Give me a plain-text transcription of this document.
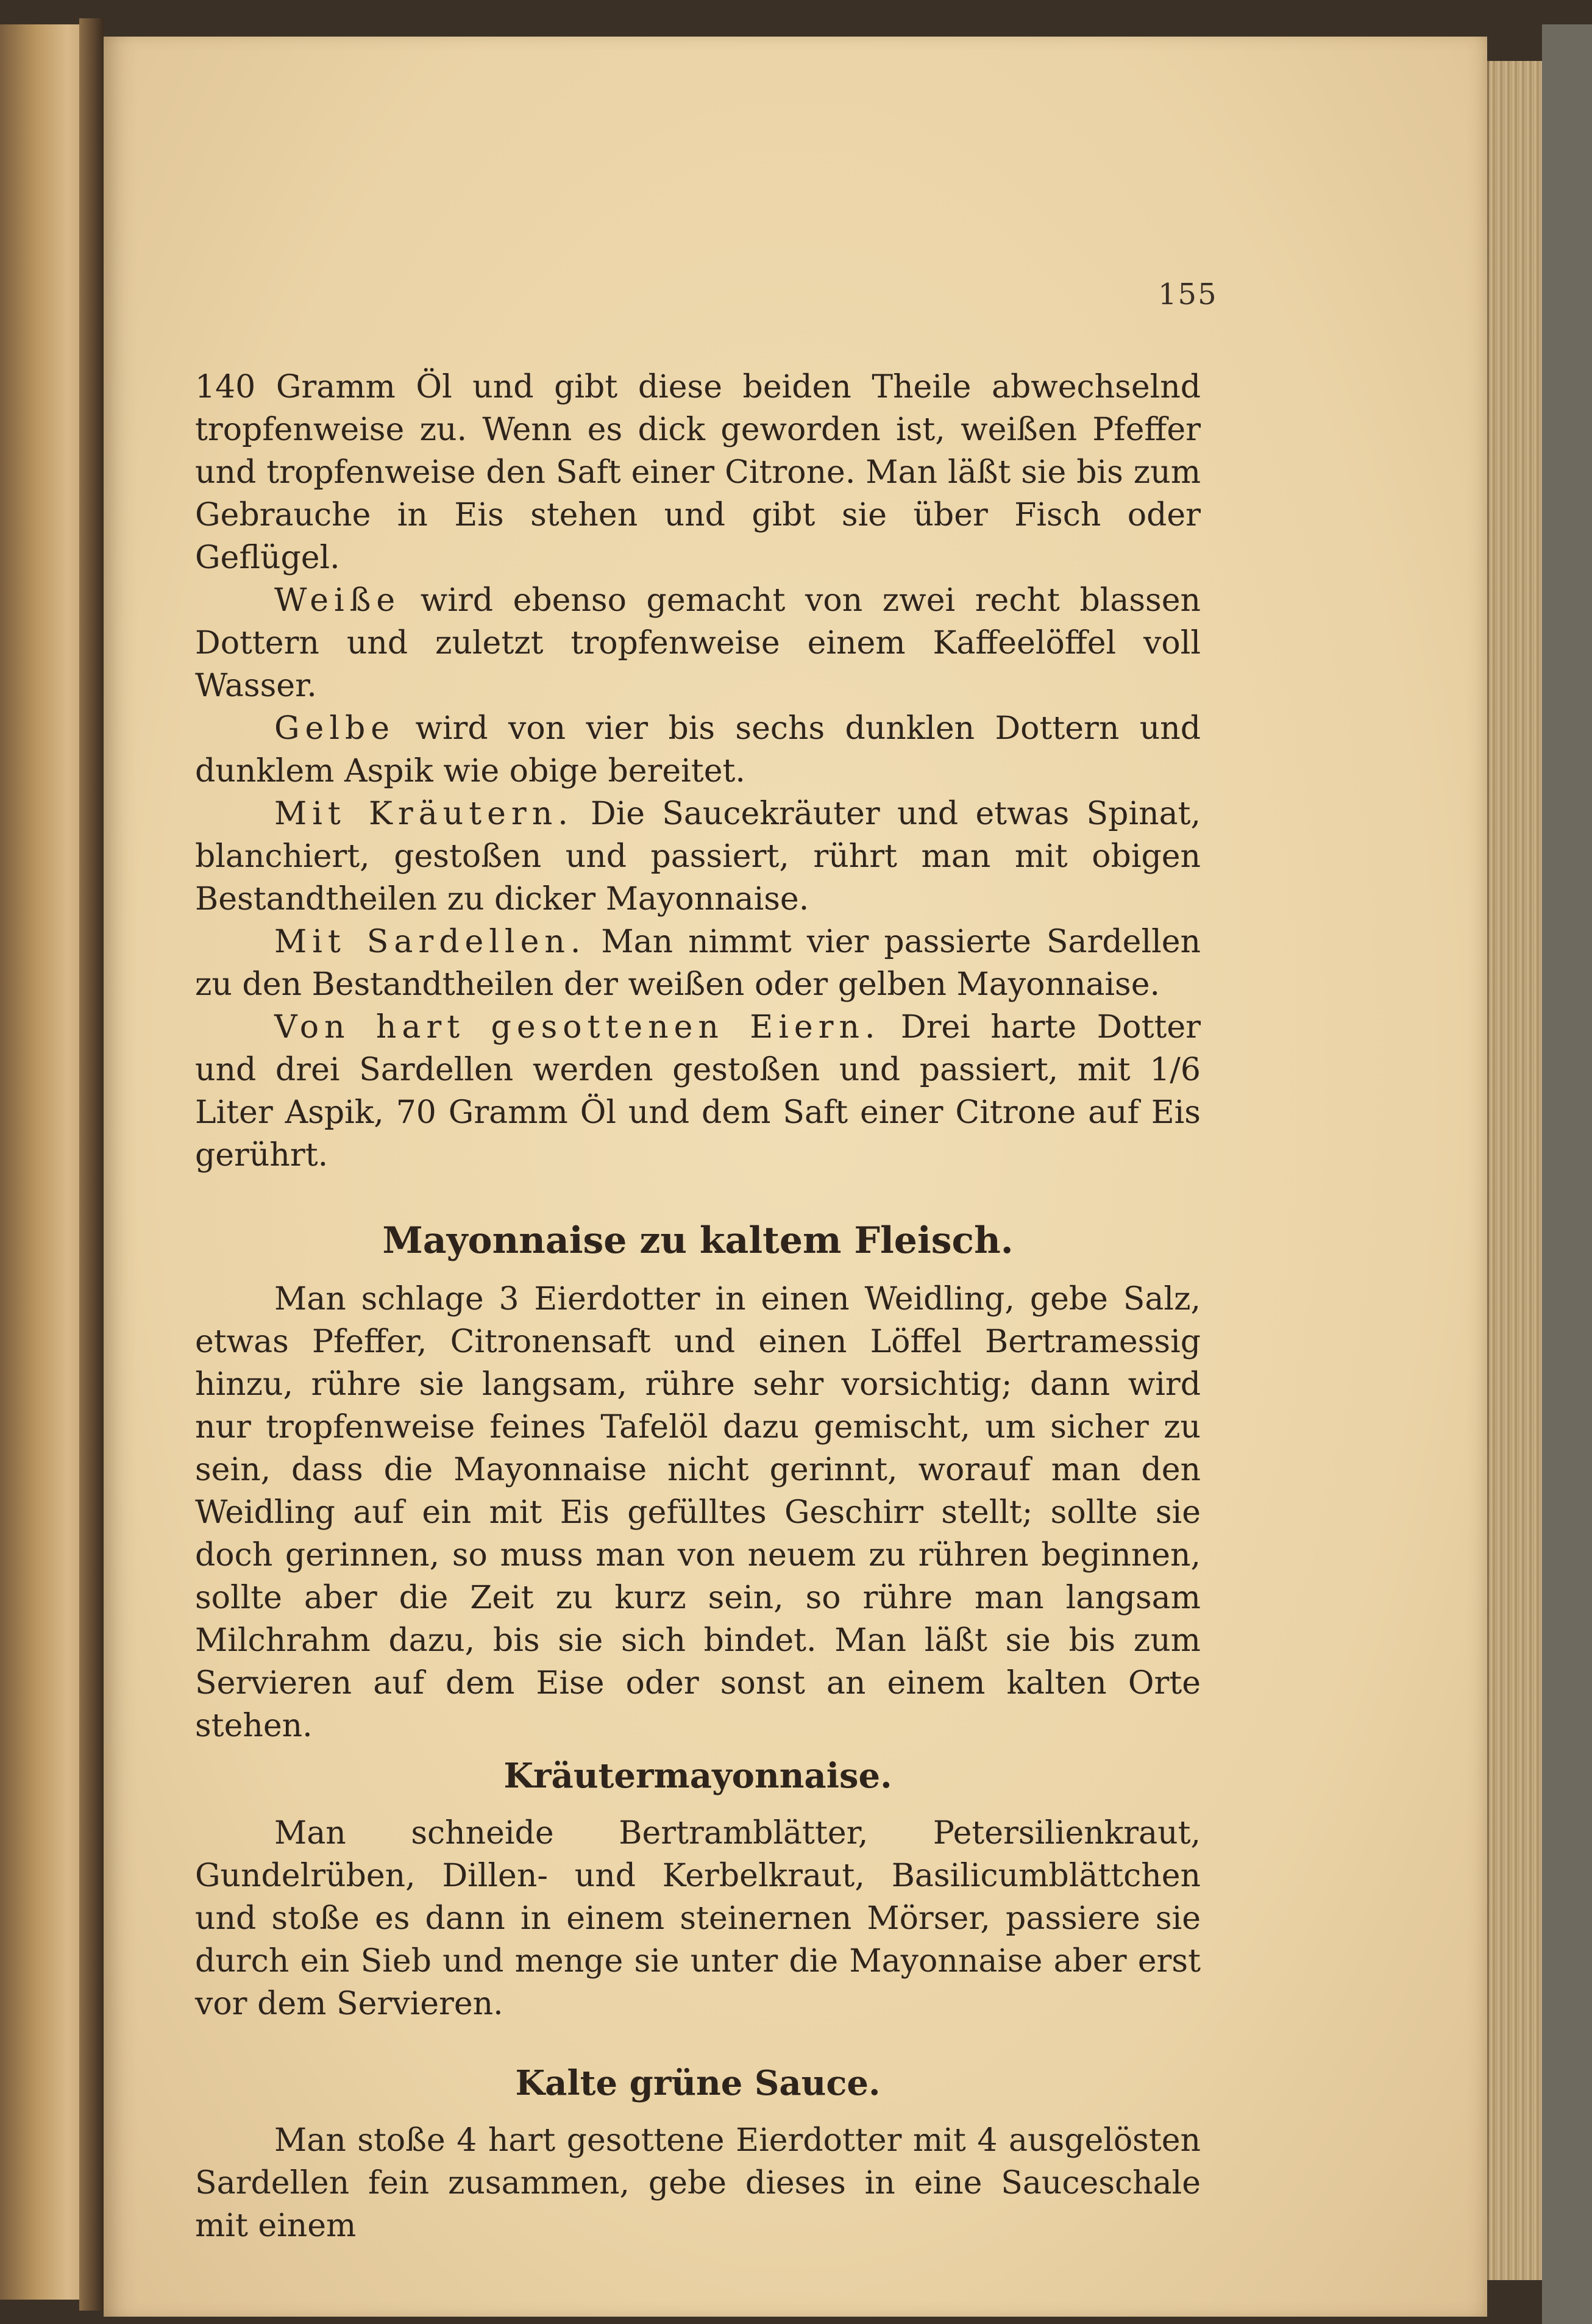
155

140 Gramm Öl und gibt diese beiden Theile abwechselnd tropfenweise zu. Wenn es dick geworden ist, weißen Pfeffer und tropfenweise den Saft einer Citrone. Man läßt sie bis zum Gebrauche in Eis stehen und gibt sie über Fisch oder Geflügel.

Weiße wird ebenso gemacht von zwei recht blassen Dottern und zuletzt tropfenweise einem Kaffeelöffel voll Wasser.

Gelbe wird von vier bis sechs dunklen Dottern und dunklem Aspik wie obige bereitet.

Mit Kräutern. Die Saucekräuter und etwas Spinat, blanchiert, gestoßen und passiert, rührt man mit obigen Bestandtheilen zu dicker Mayonnaise.

Mit Sardellen. Man nimmt vier passierte Sardellen zu den Bestandtheilen der weißen oder gelben Mayonnaise.

Von hart gesottenen Eiern. Drei harte Dotter und drei Sardellen werden gestoßen und passiert, mit 1/6 Liter Aspik, 70 Gramm Öl und dem Saft einer Citrone auf Eis gerührt.

Mayonnaise zu kaltem Fleisch.

Man schlage 3 Eierdotter in einen Weidling, gebe Salz, etwas Pfeffer, Citronensaft und einen Löffel Bertramessig hinzu, rühre sie langsam, rühre sehr vorsichtig; dann wird nur tropfenweise feines Tafelöl dazu gemischt, um sicher zu sein, dass die Mayonnaise nicht gerinnt, worauf man den Weidling auf ein mit Eis gefülltes Geschirr stellt; sollte sie doch gerinnen, so muss man von neuem zu rühren beginnen, sollte aber die Zeit zu kurz sein, so rühre man langsam Milchrahm dazu, bis sie sich bindet. Man läßt sie bis zum Servieren auf dem Eise oder sonst an einem kalten Orte stehen.

Kräutermayonnaise.

Man schneide Bertramblätter, Petersilienkraut, Gundelrüben, Dillen- und Kerbelkraut, Basilicumblättchen und stoße es dann in einem steinernen Mörser, passiere sie durch ein Sieb und menge sie unter die Mayonnaise aber erst vor dem Servieren.

Kalte grüne Sauce.

Man stoße 4 hart gesottene Eierdotter mit 4 ausgelösten Sardellen fein zusammen, gebe dieses in eine Sauceschale mit einem
